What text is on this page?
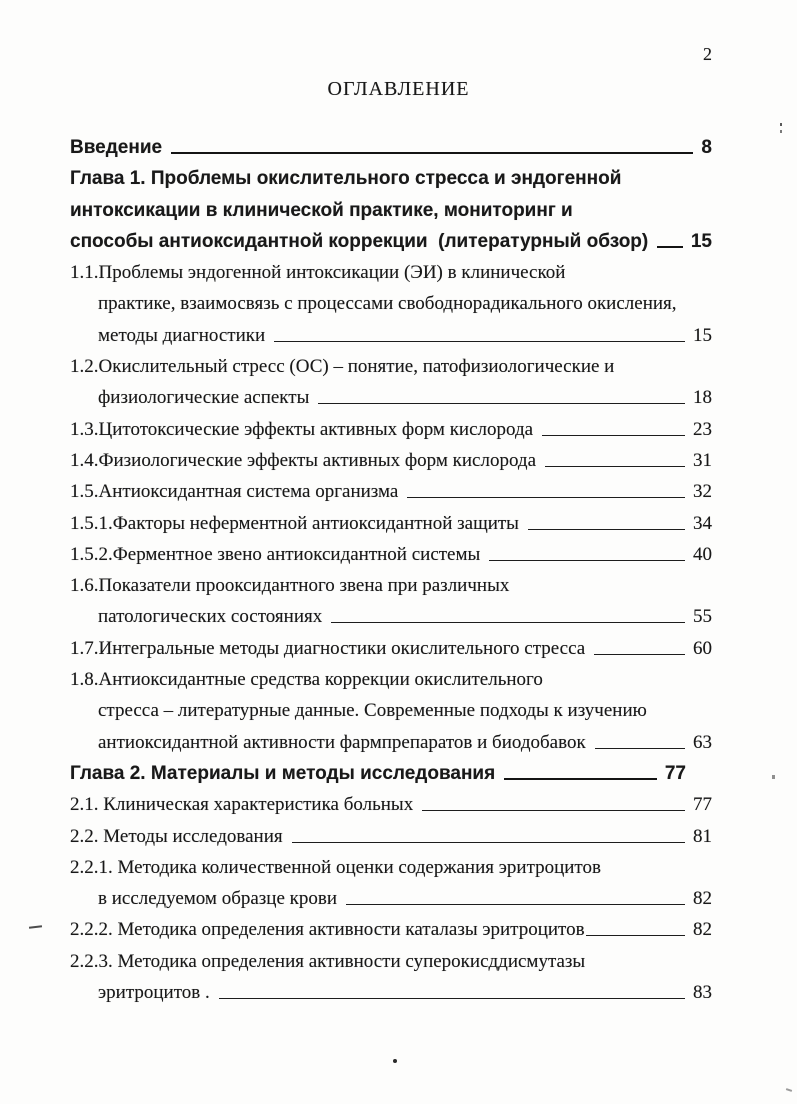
2
ОГЛАВЛЕНИЕ
Введение	8
Глава 1. Проблемы окислительного стресса и эндогенной
интоксикации в клинической практике, мониторинг и
способы антиоксидантной коррекции  (литературный обзор) 15
1.1.Проблемы эндогенной интоксикации (ЭИ) в клинической
практике, взаимосвязь с процессами свободнорадикального окисления,
методы диагностики	15
1.2.Окислительный стресс (ОС) – понятие, патофизиологические и
физиологические аспекты	18
1.3.Цитотоксические эффекты активных форм кислорода	23
1.4.Физиологические эффекты активных форм кислорода	31
1.5.Антиоксидантная система организма	32
1.5.1.Факторы неферментной антиоксидантной защиты	34
1.5.2.Ферментное звено антиоксидантной системы	40
1.6.Показатели прооксидантного звена при различных
патологических состояниях	55
1.7.Интегральные методы диагностики окислительного стресса	60
1.8.Антиоксидантные средства коррекции окислительного
стресса – литературные данные. Современные подходы к изучению
антиоксидантной активности фармпрепаратов и биодобавок	63
Глава 2. Материалы и методы исследования	77
2.1. Клиническая характеристика больных	77
2.2. Методы исследования	81
2.2.1. Методика количественной оценки содержания эритроцитов
в исследуемом образце крови	82
2.2.2. Методика определения активности каталазы эритроцитов	82
2.2.3. Методика определения активности суперокисддисмутазы
эритроцитов .	83
